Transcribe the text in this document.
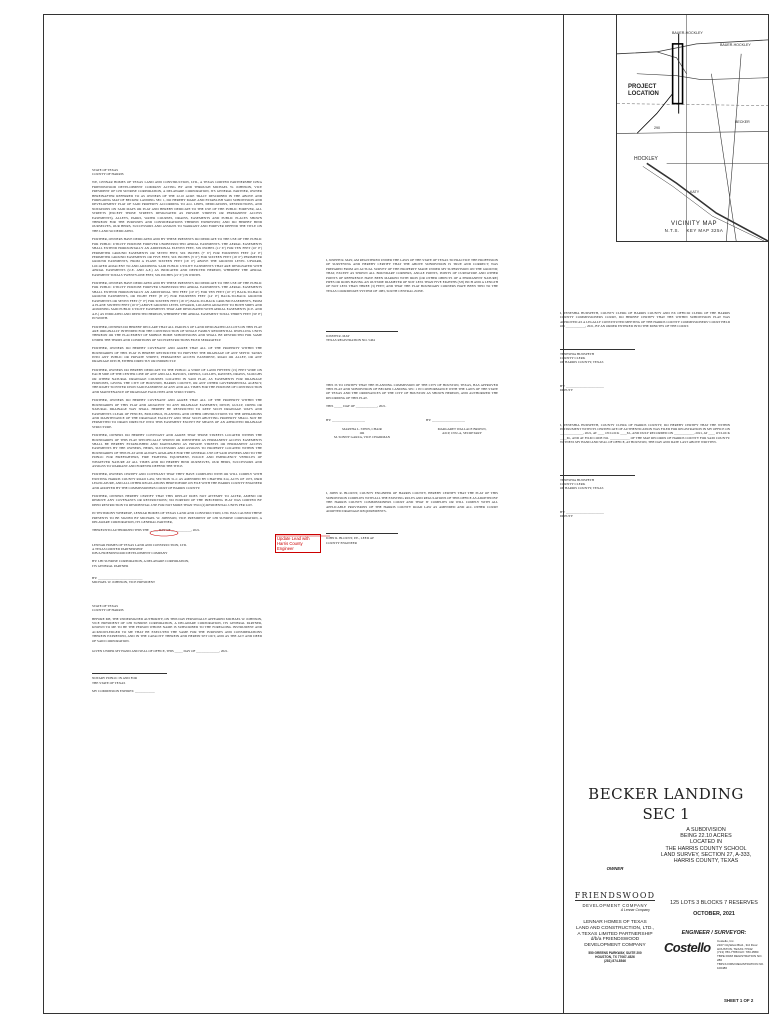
BAUER-HOCKLEY
BAUER-HOCKLEY
PROJECT LOCATION
HOCKLEY
290
KATY
BECKER
VICINITY MAP
N.T.S.    KEY MAP 325A

STATE OF TEXAS
COUNTY OF HARRIS

WE, LENNAR HOMES OF TEXAS LAND AND CONSTRUCTION, LTD., A TEXAS LIMITED PARTNERSHIP D/B/A FRIENDSWOOD DEVELOPMENT COMPANY ACTING BY AND THROUGH MICHAEL W. JOHNSON, VICE PRESIDENT OF LHI SUNRISE CORPORATION, A DELAWARE CORPORATION, ITS GENERAL PARTNER, OWNER HEREINAFTER REFERRED TO AS OWNERS OF THE 22.10 ACRE TRACT DESCRIBED IN THE ABOVE AND FOREGOING MAP OF BECKER LANDING SEC 1, DO HEREBY MAKE AND ESTABLISH SAID SUBDIVISION AND DEVELOPMENT PLAT OF SAID PROPERTY ACCORDING TO ALL LINES, DEDICATIONS, RESTRICTIONS, AND NOTATIONS ON SAID MAPS OR PLAT AND HEREBY DEDICATE TO THE USE OF THE PUBLIC FOREVER, ALL STREETS (EXCEPT THOSE STREETS DESIGNATED AS PRIVATE STREETS OR PERMANENT ACCESS EASEMENTS), ALLEYS, PARKS, WATER COURSES, DRAINS, EASEMENTS AND PUBLIC PLACES SHOWN THEREON FOR THE PURPOSES AND CONSIDERATIONS THEREIN EXPRESSED; AND DO HEREBY BIND OURSELVES, OUR HEIRS, SUCCESSORS AND ASSIGNS TO WARRANT AND FOREVER DEFEND THE TITLE ON THE LAND SO DEDICATED.

FURTHER, OWNERS HAVE DEDICATED AND BY THESE PRESENTS DO DEDICATE TO THE USE OF THE PUBLIC FOR PUBLIC UTILITY PURPOSE FOREVER UNOBSTRUCTED AERIAL EASEMENTS. THE AERIAL EASEMENTS SHALL EXTEND HORIZONTALLY AN ADDITIONAL ELEVEN FEET, SIX INCHES (11' 6") FOR TEN FEET (10' 0") PERIMETER GROUND EASEMENTS OR SEVEN FEET, SIX INCHES (7' 6") FOR FOURTEEN FEET (14' 0") PERIMETER GROUND EASEMENTS OR FIVE FEET, SIX INCHES (5' 6") FOR SIXTEEN FEET (16' 0") PERIMETER GROUND EASEMENTS, FROM A PLANE SIXTEEN FEET (16' 0") ABOVE THE GROUND LEVEL UPWARD, LOCATED ADJACENT TO AND ADJOINING SAID PUBLIC UTILITY EASEMENTS THAT ARE DESIGNATED WITH AERIAL EASEMENTS (U.E. AND A.E.) AS INDICATED AND DEPICTED HEREON, WHEREBY THE AERIAL EASEMENT TOTALS TWENTY-ONE FEET, SIX INCHES (21' 6") IN WIDTH.

FURTHER, OWNERS HAVE DEDICATED AND BY THESE PRESENTS DO DEDICATE TO THE USE OF THE PUBLIC FOR PUBLIC UTILITY PURPOSE FOREVER UNOBSTRUCTED AERIAL EASEMENTS. THE AERIAL EASEMENTS SHALL EXTEND HORIZONTALLY AN ADDITIONAL TEN FEET (10' 0") FOR TEN FEET (10' 0") BACK-TO-BACK GROUND EASEMENTS, OR EIGHT FEET (8' 0") FOR FOURTEEN FEET (14' 0") BACK-TO-BACK GROUND EASEMENTS OR SEVEN FEET (7' 0") FOR SIXTEEN FEET (16' 0") BACK-TO-BACK GROUND EASEMENTS, FROM A PLANE SIXTEEN FEET (16' 0") ABOVE GROUND LEVEL UPWARD, LOCATED ADJACENT TO BOTH SIDES AND ADJOINING SAID PUBLIC UTILITY EASEMENTS THAT ARE DESIGNATED WITH AERIAL EASEMENTS (U.E. AND A.E.) AS INDICATED AND DEPICTED HEREON, WHEREBY THE AERIAL EASEMENT TOTAL THIRTY FEET (30' 0") IN WIDTH.

FURTHER, OWNERS DO HEREBY DECLARE THAT ALL PARCELS OF LAND DESIGNATED AS LOTS ON THIS PLAT ARE ORIGINALLY INTENDED FOR THE CONSTRUCTION OF SINGLE FAMILY RESIDENTIAL DWELLING UNITS THEREON OR THE PLACEMENT OF MOBILE HOME SUBDIVISIONS AND SHALL BE RESTRICTED FOR SAME UNDER THE TERMS AND CONDITIONS OF SUCH RESTRICTIONS FILED SEPARATELY.

FURTHER, OWNERS DO HEREBY COVENANT AND AGREE THAT ALL OF THE PROPERTY WITHIN THE BOUNDARIES OF THIS PLAT IS HEREBY RESTRICTED TO PREVENT THE DRAINAGE OF ANY SEPTIC TANKS INTO ANY PUBLIC OR PRIVATE STREET, PERMANENT ACCESS EASEMENT, ROAD OR ALLEY, OR ANY DRAINAGE DITCH, EITHER DIRECTLY OR INDIRECTLY.

FURTHER, OWNERS DO HEREBY DEDICATE TO THE PUBLIC A STRIP OF LAND FIFTEEN (15) FEET WIDE ON EACH SIDE OF THE CENTER LINE OF ANY AND ALL BAYOUS, CREEKS, GULLIES, RAVINES, DRAWS, SLOUGHS OR OTHER NATURAL DRAINAGE COURSES LOCATED IN SAID PLAT, AS EASEMENTS FOR DRAINAGE PURPOSES, GIVING THE CITY OF HOUSTON, HARRIS COUNTY, OR ANY OTHER GOVERNMENTAL AGENCY, THE RIGHT TO ENTER UPON SAID EASEMENT AT ANY AND ALL TIMES FOR THE PURPOSE OF CONSTRUCTION AND MAINTENANCE OF DRAINAGE FACILITIES AND STRUCTURES.

FURTHER, OWNERS DO HEREBY COVENANT AND AGREE THAT ALL OF THE PROPERTY WITHIN THE BOUNDARIES OF THIS PLAT AND ADJACENT TO ANY DRAINAGE EASEMENT, DITCH, GULLY, CREEK OR NATURAL DRAINAGE WAY SHALL HEREBY BE RESTRICTED TO KEEP SUCH DRAINAGE WAYS AND EASEMENTS CLEAR OF FENCES, BUILDINGS, PLANTING AND OTHER OBSTRUCTIONS TO THE OPERATIONS AND MAINTENANCE OF THE DRAINAGE FACILITY AND THAT SUCH ABUTTING PROPERTY SHALL NOT BE PERMITTED TO DRAIN DIRECTLY INTO THIS EASEMENT EXCEPT BY MEANS OF AN APPROVED DRAINAGE STRUCTURE.

FURTHER, OWNERS DO HEREBY COVENANT AND AGREE THAT THOSE STREETS LOCATED WITHIN THE BOUNDARIES OF THIS PLAT SPECIFICALLY SHOWN OR IDENTIFIED AS PERMANENT ACCESS EASEMENTS SHALL BE HEREBY ESTABLISHED AND MAINTAINED AS PRIVATE STREETS OR PERMANENT ACCESS EASEMENTS BY THE OWNERS, HEIRS, SUCCESSORS AND ASSIGNS TO PROPERTY LOCATED WITHIN THE BOUNDARIES OF THIS PLAT AND ALWAYS AVAILABLE FOR THE GENERAL USE OF SAID OWNERS AND TO THE PUBLIC FOR FIREFIGHTERS, FIRE FIGHTING EQUIPMENT, POLICE AND EMERGENCY VEHICLES OF WHATEVER NATURE AT ALL TIMES AND DO HEREBY BIND OURSELVES, OUR HEIRS, SUCCESSORS AND ASSIGNS TO WARRANT AND FOREVER DEFEND THE TITLE.

FURTHER, OWNERS CERTIFY AND COVENANT THAT THEY HAVE COMPLIED WITH OR WILL COMPLY WITH EXISTING HARRIS COUNTY ROAD LAW, SECTION 31-C AS AMENDED BY CHAPTER 614, ACTS OF 1973, 63RD LEGISLATURE, AND ALL OTHER REGULATIONS HERETOFORE ON FILE WITH THE HARRIS COUNTY ENGINEER AND ADOPTED BY THE COMMISSIONERS COURT OF HARRIS COUNTY.

FURTHER, OWNERS HEREBY CERTIFY THAT THIS REPLAT DOES NOT ATTEMPT TO ALTER, AMEND OR REMOVE ANY COVENANTS OR RESTRICTIONS; NO PORTION OF THE PRECEDING PLAT WAS LIMITED BY DEED RESTRICTION TO RESIDENTIAL USE FOR NOT MORE THAN TWO (2) RESIDENTIAL UNITS PER LOT.

IN TESTIMONY WHEREOF, LENNAR HOMES OF TEXAS LAND AND CONSTRUCTION, LTD. HAS CAUSED THESE PRESENTS TO BE SIGNED BY MICHAEL W. JOHNSON, VICE PRESIDENT OF LHI SUNRISE CORPORATION, A DELAWARE CORPORATION, ITS GENERAL PARTNER,

THEREUNTO AUTHORIZED THIS THE _____ DAY OF ____________, 2021.

LENNAR HOMES OF TEXAS LAND AND CONSTRUCTION, LTD.
A TEXAS LIMITED PARTNERSHIP
D/B/A FRIENDSWOOD DEVELOPMENT COMPANY

BY: LHI SUNRISE CORPORATION, A DELAWARE CORPORATION,
ITS GENERAL PARTNER

BY: ___________________________
MICHAEL W. JOHNSON, VICE PRESIDENT

STATE OF TEXAS
COUNTY OF HARRIS

BEFORE ME, THE UNDERSIGNED AUTHORITY, ON THIS DAY PERSONALLY APPEARED MICHAEL W. JOHNSON, VICE PRESIDENT OF LHI SUNRISE CORPORATION, A DELAWARE CORPORATION, ITS GENERAL PARTNER, KNOWN TO ME TO BE THE PERSON WHOSE NAME IS SUBSCRIBED TO THE FOREGOING INSTRUMENT AND ACKNOWLEDGED TO ME THAT HE EXECUTED THE SAME FOR THE PURPOSES AND CONSIDERATIONS THEREIN EXPRESSED, AND IN THE CAPACITY THEREIN AND HEREIN SET OUT, AND AS THE ACT AND DEED OF SAID CORPORATION.

GIVEN UNDER MY HAND AND SEAL OF OFFICE, THIS _____ DAY OF ______________, 2021.

NOTARY PUBLIC IN AND FOR
THE STATE OF TEXAS

MY COMMISSION EXPIRES: ____________

I, JOSEPH R. MAY, AM REGISTERED UNDER THE LAWS OF THE STATE OF TEXAS TO PRACTICE THE PROFESSION OF SURVEYING AND HEREBY CERTIFY THAT THE ABOVE SUBDIVISION IS TRUE AND CORRECT; WAS PREPARED FROM AN ACTUAL SURVEY OF THE PROPERTY MADE UNDER MY SUPERVISION ON THE GROUND; THAT, EXCEPT AS SHOWN ALL BOUNDARY CORNERS, ANGLE POINTS, POINTS OF CURVATURE AND OTHER POINTS OF REFERENCE HAVE BEEN MARKED WITH IRON (OR OTHER OBJECTS OF A PERMANENT NATURE) PIPES OR RODS HAVING AN OUTSIDE DIAMETER OF NOT LESS THAN FIVE EIGHTHS (5/8) INCH AND A LENGTH OF NOT LESS THAN THREE (3) FEET; AND THAT THE PLAT BOUNDARY CORNERS HAVE BEEN TIED TO THE TEXAS COORDINATE SYSTEM OF 1983, SOUTH CENTRAL ZONE.

JOSEPH R. MAY
TEXAS REGISTRATION NO. 5464

THIS IS TO CERTIFY THAT THE PLANNING COMMISSION OF THE CITY OF HOUSTON, TEXAS, HAS APPROVED THIS PLAT AND SUBDIVISION OF BECKER LANDING SEC 1 IN CONFORMANCE WITH THE LAWS OF THE STATE OF TEXAS AND THE ORDINANCES OF THE CITY OF HOUSTON AS SHOWN HEREON, AND AUTHORIZED THE RECORDING OF THIS PLAT.

THIS _____ DAY OF _____________, 2021.

BY: ____________________

MARTHA L. STEIN, CHAIR
OR
M. SONNY GARZA, VICE CHAIRMAN

BY: ____________________

MARGARET WALLACE BROWN,
AICP, CNU-A, SECRETARY

I, JOHN R. BLOUNT, COUNTY ENGINEER OF HARRIS COUNTY, HEREBY CERTIFY THAT THE PLAT OF THIS SUBDIVISION COMPLIES WITH ALL THE EXISTING RULES AND REGULATIONS OF THIS OFFICE AS ADOPTED BY THE HARRIS COUNTY COMMISSIONERS COURT AND THAT IT COMPLIES OR WILL COMPLY WITH ALL APPLICABLE PROVISIONS OF THE HARRIS COUNTY ROAD LAW AS AMENDED AND ALL OTHER COURT ADOPTED DRAINAGE REQUIREMENTS.

JOHN R. BLOUNT, P.E., LEED AP
COUNTY ENGINEER

Update Lead with Harris County Engineer

I, TENESHIA HUDSPETH, COUNTY CLERK OF HARRIS COUNTY AND EX OFFICIO CLERK OF THE HARRIS COUNTY COMMISSIONERS COURT, DO HEREBY CERTIFY THAT THE WITHIN SUBDIVISION PLAT WAS APPROVED AS A LEGALLY CONSTITUTED MEETING OF THE HARRIS COUNTY COMMISSIONERS' COURT HELD ON ____________, 2021, BY AN ORDER ENTERED INTO THE MINUTES OF THE COURT.

TENESHIA HUDSPETH
COUNTY CLERK
OF HARRIS COUNTY, TEXAS

BY: _______________________
DEPUTY

I, TENESHIA HUDSPETH, COUNTY CLERK OF HARRIS COUNTY, DO HEREBY CERTIFY THAT THE WITHIN INSTRUMENT WITH ITS CERTIFICATE OF AUTHENTICATION WAS FILED FOR REGISTRATION IN MY OFFICE ON ______________, 2021, AT ____ O'CLOCK ____M., AND DULY RECORDED ON ____________, 2021, AT ____ O'CLOCK ____M., AND AT FILM CODE NO. ____________ OF THE MAP RECORDS OF HARRIS COUNTY FOR SAID COUNTY. WITNESS MY HAND AND SEAL OF OFFICE, AT HOUSTON, THE DAY AND DATE LAST ABOVE WRITTEN.

TENESHIA HUDSPETH
COUNTY CLERK
OF HARRIS COUNTY, TEXAS

BY: _______________________
DEPUTY

BECKER LANDING
SEC 1
A SUBDIVISION
BEING 22.10 ACRES
LOCATED IN
THE HARRIS COUNTY SCHOOL
LAND SURVEY, SECTION 27, A-333,
HARRIS COUNTY, TEXAS
OWNER
FRIENDSWOOD
DEVELOPMENT COMPANY
A Lennar Company
LENNAR HOMES OF TEXAS
LAND AND CONSTRUCTION, LTD.,
A TEXAS LIMITED PARTNERSHIP
d/b/a FRIENDSWOOD
DEVELOPMENT COMPANY
550 GREENS PARKWAY, SUITE 200
HOUSTON, TX 77067-4526
(281) 874-8546
125 LOTS 3 BLOCKS 7 RESERVES
OCTOBER, 2021
ENGINEER / SURVEYOR:
Costello	Costello, Inc.
2107 CityWest Blvd., 3rd Floor
HOUSTON, TEXAS 77042
(713) 783-7788 FAX: 783-3580
TBPE FIRM REGISTRATION NO. 280
TBPLS FIRM REGISTRATION NO. 100486
SHEET 1 OF 2
